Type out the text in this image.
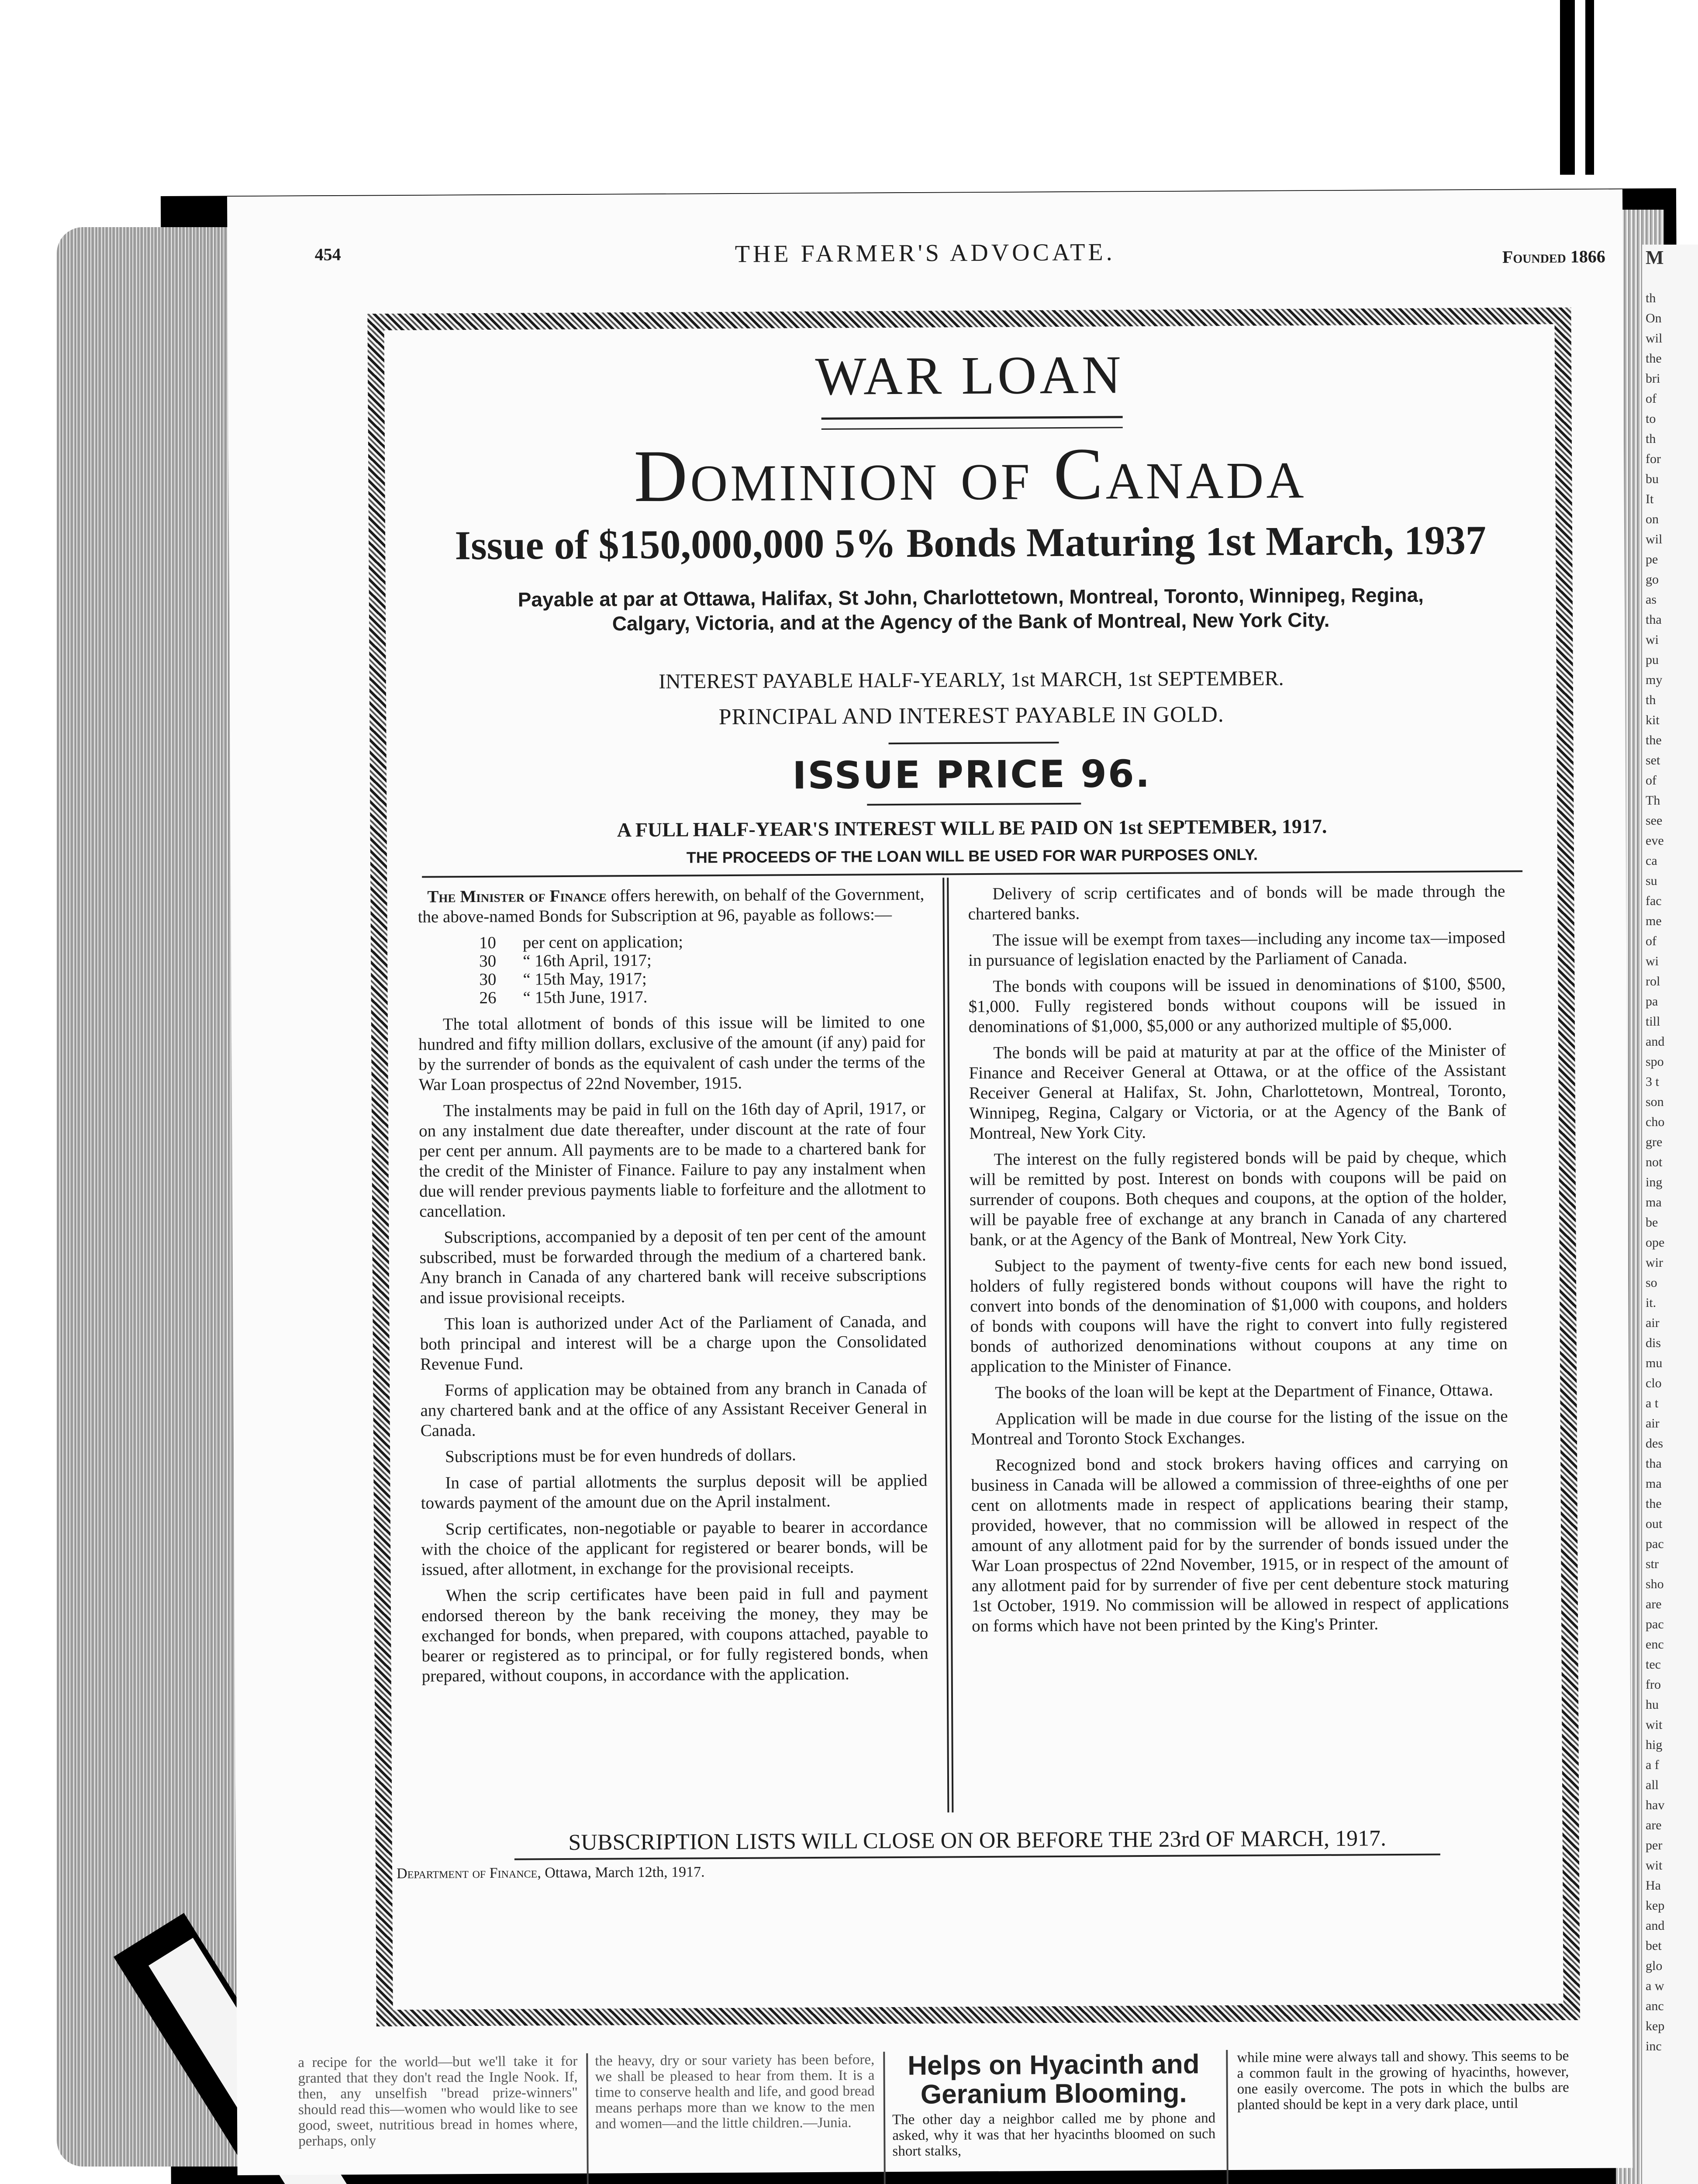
M
th
On
wil
the
bri
of
to
th
for
bu
It
on
wil
pe
go
as
tha
wi
pu
my
th
kit
the
set
of
Th
see
eve
ca
su
fac
me
of
wi
rol
pa
till
and
spo
3 t
son
cho
gre
not
ing
ma
be
ope
wir
so
it.
air
dis
mu
clo
a t
air
des
tha
ma
the
out
pac
str
sho
are
pac
enc
tec
fro
hu
wit
hig
a f
all
hav
are
per
wit
Ha
kep
and
bet
glo
a w
anc
kep
inc
454	THE FARMER'S ADVOCATE.	Founded 1866
WAR LOAN
Dominion of Canada
Issue of $150,000,000 5% Bonds Maturing 1st March, 1937
Payable at par at Ottawa, Halifax, St John, Charlottetown, Montreal, Toronto, Winnipeg, Regina, Calgary, Victoria, and at the Agency of the Bank of Montreal, New York City.
INTEREST PAYABLE HALF-YEARLY, 1st MARCH, 1st SEPTEMBER.
PRINCIPAL AND INTEREST PAYABLE IN GOLD.
ISSUE PRICE 96.
A FULL HALF-YEAR'S INTEREST WILL BE PAID ON 1st SEPTEMBER, 1917.
THE PROCEEDS OF THE LOAN WILL BE USED FOR WAR PURPOSES ONLY.

The Minister of Finance offers herewith, on behalf of the Government, the above-named Bonds for Subscription at 96, payable as follows:—

10 per cent on application;
30 “ 16th April, 1917;
30 “ 15th May, 1917;
26 “ 15th June, 1917.

The total allotment of bonds of this issue will be limited to one hundred and fifty million dollars, exclusive of the amount (if any) paid for by the surrender of bonds as the equivalent of cash under the terms of the War Loan prospectus of 22nd November, 1915.

The instalments may be paid in full on the 16th day of April, 1917, or on any instalment due date thereafter, under discount at the rate of four per cent per annum. All payments are to be made to a chartered bank for the credit of the Minister of Finance. Failure to pay any instalment when due will render previous payments liable to forfeiture and the allotment to cancellation.

Subscriptions, accompanied by a deposit of ten per cent of the amount subscribed, must be forwarded through the medium of a chartered bank. Any branch in Canada of any chartered bank will receive subscriptions and issue provisional receipts.

This loan is authorized under Act of the Parliament of Canada, and both principal and interest will be a charge upon the Consolidated Revenue Fund.

Forms of application may be obtained from any branch in Canada of any chartered bank and at the office of any Assistant Receiver General in Canada.

Subscriptions must be for even hundreds of dollars.

In case of partial allotments the surplus deposit will be applied towards payment of the amount due on the April instalment.

Scrip certificates, non-negotiable or payable to bearer in accordance with the choice of the applicant for registered or bearer bonds, will be issued, after allotment, in exchange for the provisional receipts.

When the scrip certificates have been paid in full and payment endorsed thereon by the bank receiving the money, they may be exchanged for bonds, when prepared, with coupons attached, payable to bearer or registered as to principal, or for fully registered bonds, when prepared, without coupons, in accordance with the application.

Delivery of scrip certificates and of bonds will be made through the chartered banks.

The issue will be exempt from taxes—including any income tax—imposed in pursuance of legislation enacted by the Parliament of Canada.

The bonds with coupons will be issued in denominations of $100, $500, $1,000. Fully registered bonds without coupons will be issued in denominations of $1,000, $5,000 or any authorized multiple of $5,000.

The bonds will be paid at maturity at par at the office of the Minister of Finance and Receiver General at Ottawa, or at the office of the Assistant Receiver General at Halifax, St. John, Charlottetown, Montreal, Toronto, Winnipeg, Regina, Calgary or Victoria, or at the Agency of the Bank of Montreal, New York City.

The interest on the fully registered bonds will be paid by cheque, which will be remitted by post. Interest on bonds with coupons will be paid on surrender of coupons. Both cheques and coupons, at the option of the holder, will be payable free of exchange at any branch in Canada of any chartered bank, or at the Agency of the Bank of Montreal, New York City.

Subject to the payment of twenty-five cents for each new bond issued, holders of fully registered bonds without coupons will have the right to convert into bonds of the denomination of $1,000 with coupons, and holders of bonds with coupons will have the right to convert into fully registered bonds of authorized denominations without coupons at any time on application to the Minister of Finance.

The books of the loan will be kept at the Department of Finance, Ottawa.

Application will be made in due course for the listing of the issue on the Montreal and Toronto Stock Exchanges.

Recognized bond and stock brokers having offices and carrying on business in Canada will be allowed a commission of three-eighths of one per cent on allotments made in respect of applications bearing their stamp, provided, however, that no commission will be allowed in respect of the amount of any allotment paid for by the surrender of bonds issued under the War Loan prospectus of 22nd November, 1915, or in respect of the amount of any allotment paid for by surrender of five per cent debenture stock maturing 1st October, 1919. No commission will be allowed in respect of applications on forms which have not been printed by the King's Printer.

SUBSCRIPTION LISTS WILL CLOSE ON OR BEFORE THE 23rd OF MARCH, 1917.
Department of Finance, Ottawa, March 12th, 1917.

a recipe for the world—but we'll take it for granted that they don't read the Ingle Nook. If, then, any unselfish "bread prize-winners" should read this—women who would like to see good, sweet, nutritious bread in homes where, perhaps, only

the heavy, dry or sour variety has been before, we shall be pleased to hear from them. It is a time to conserve health and life, and good bread means perhaps more than we know to the men and women—and the little children.—Junia.

Helps on Hyacinth and Geranium Blooming.

The other day a neighbor called me by phone and asked, why it was that her hyacinths bloomed on such short stalks,

while mine were always tall and showy. This seems to be a common fault in the growing of hyacinths, however, one easily overcome. The pots in which the bulbs are planted should be kept in a very dark place, until
